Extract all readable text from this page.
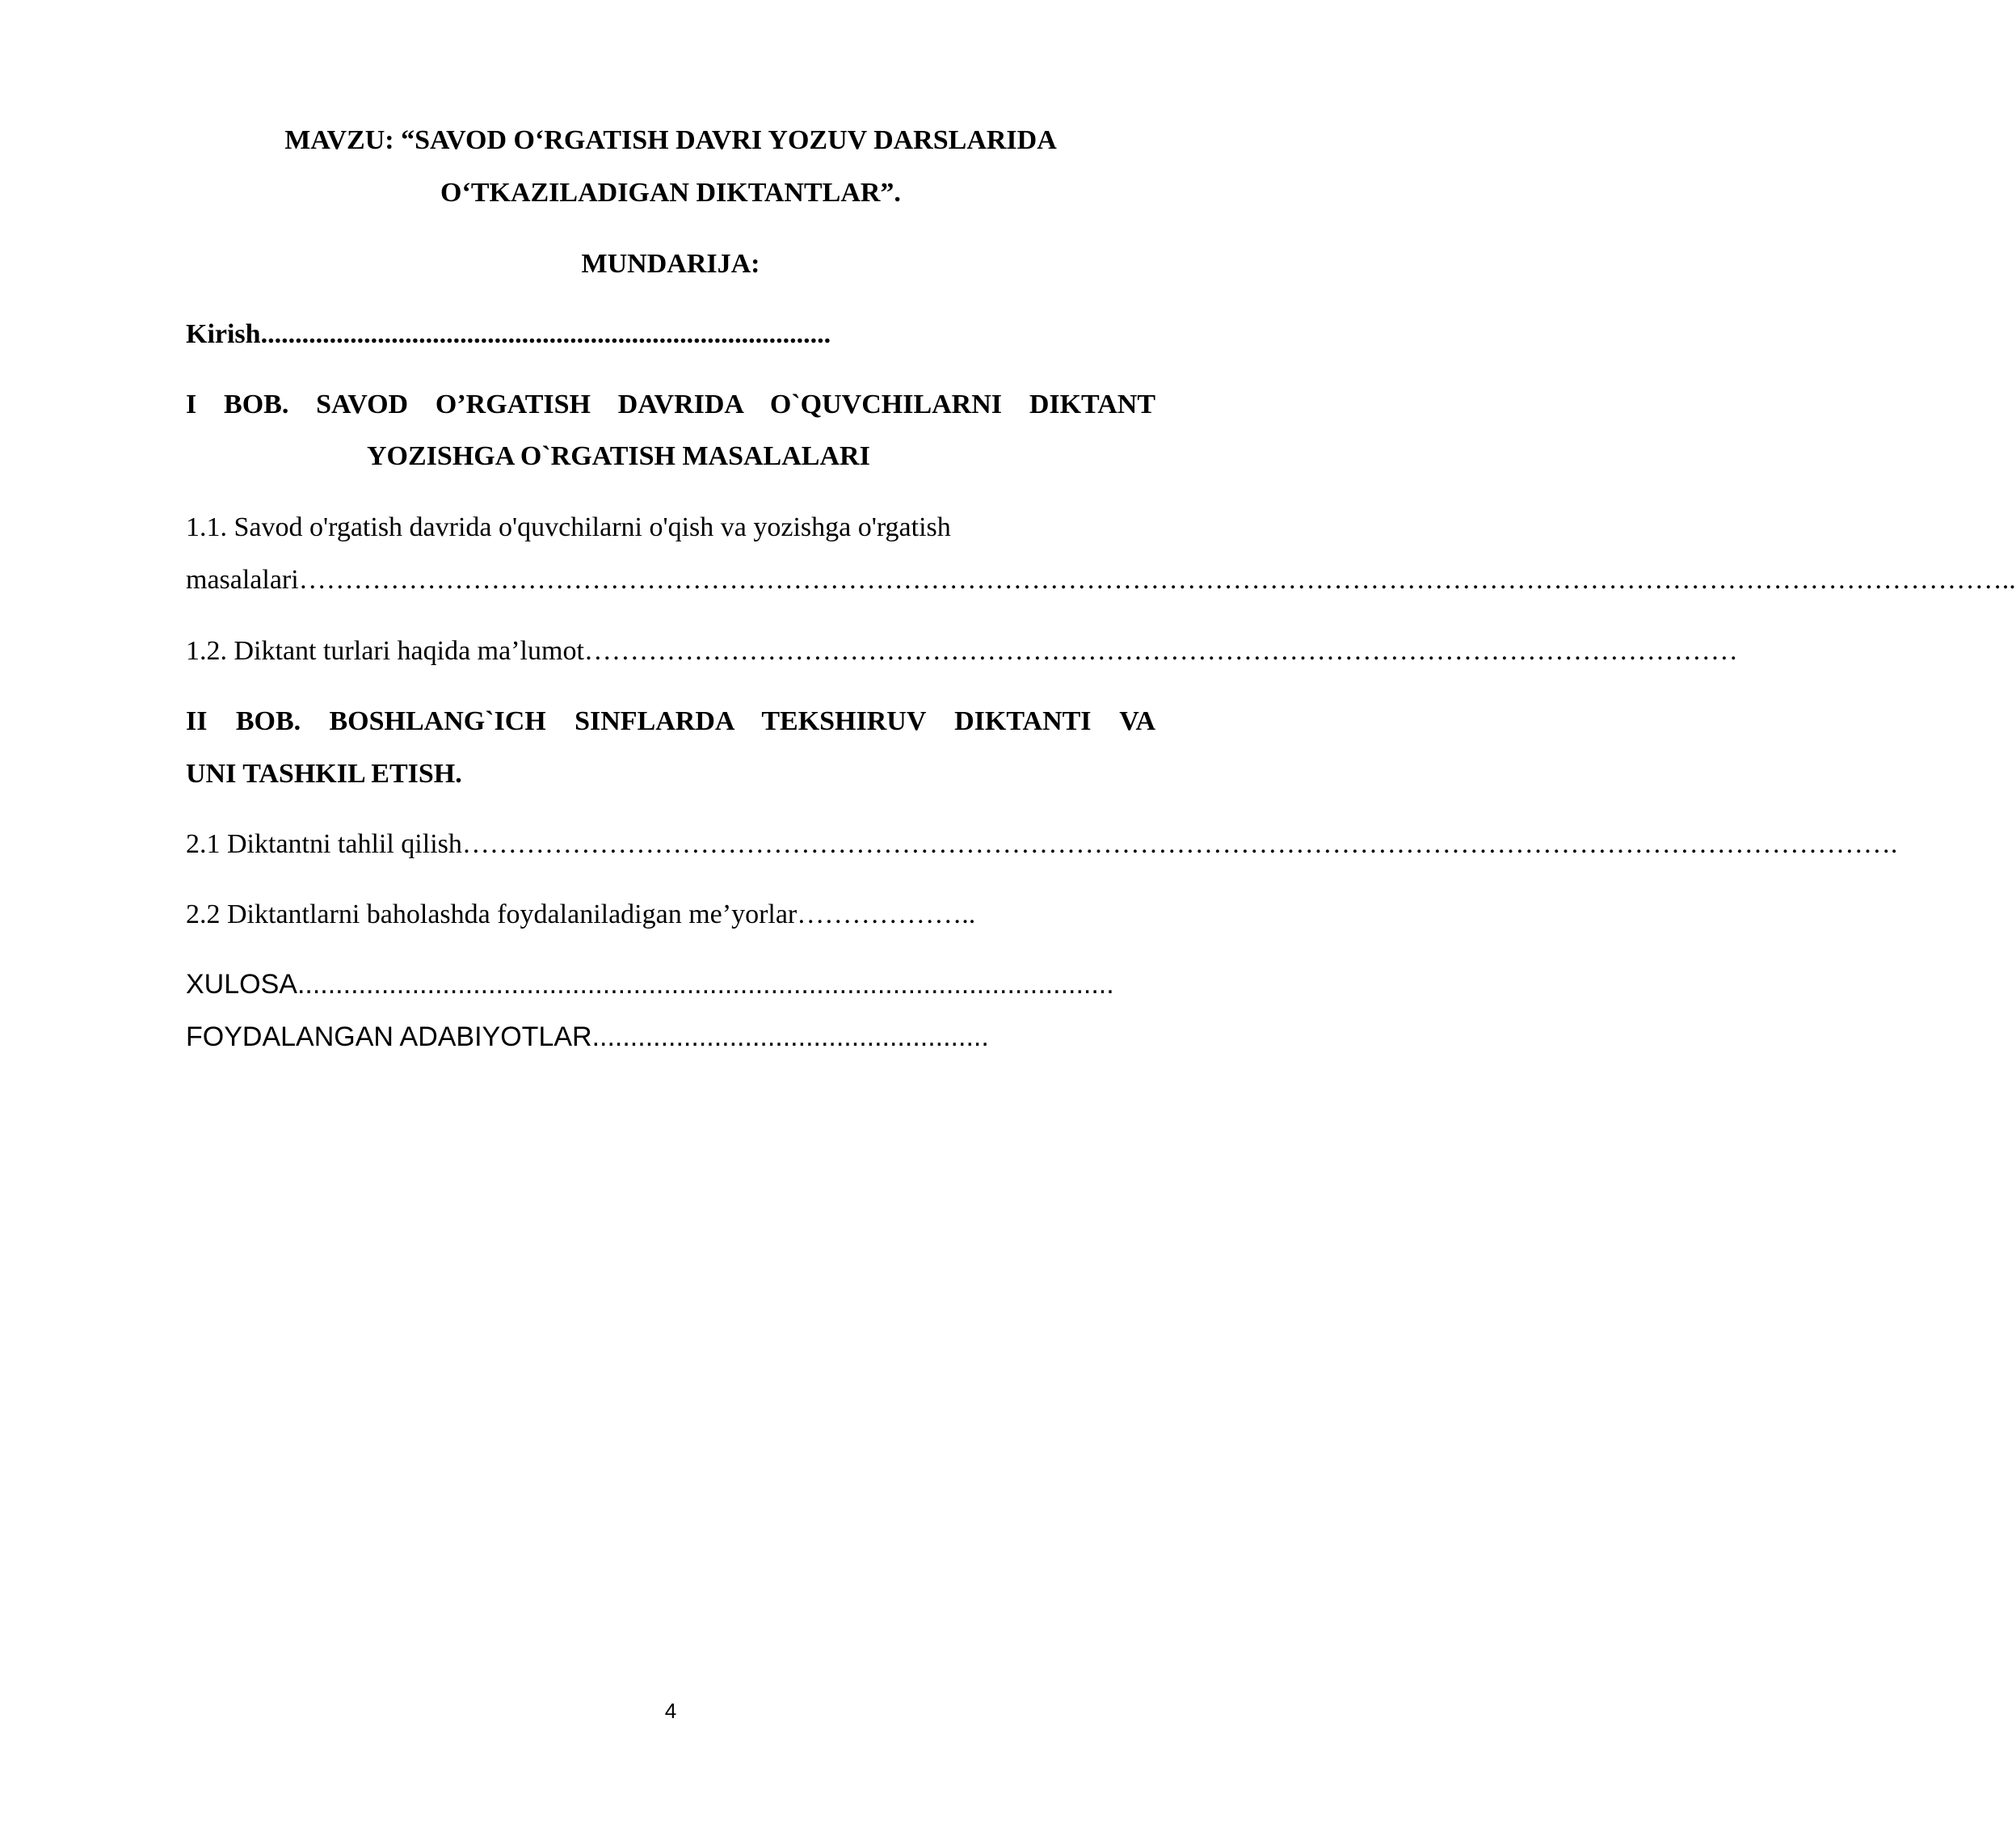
MAVZU: “SAVOD O‘RGATISH DAVRI YOZUV DARSLARIDA
O‘TKAZILADIGAN DIKTANTLAR”.
MUNDARIJA:
Kirish...................................................................................
I BOB. SAVOD O’RGATISH DAVRIDA O`QUVCHILARNI DIKTANT
YOZISHGA O`RGATISH MASALALARI
1.1. Savod o'rgatish davrida o'quvchilarni o'qish va yozishga o'rgatish
masalalari……………………………………………………………………………………………………………………………………………………………………..
1.2. Diktant turlari haqida ma’lumot………………………………………………………………………………………………………………
II BOB. BOSHLANG`ICH SINFLARDA TEKSHIRUV DIKTANTI VA
UNI TASHKIL ETISH.
2.1 Diktantni tahlil qilish………………………………………………………………………………………………………………………………………….
2.2 Diktantlarni baholashda foydalaniladigan me’yorlar………………..
XULOSA...........................................................................................................
FOYDALANGAN ADABIYOTLAR....................................................
4
